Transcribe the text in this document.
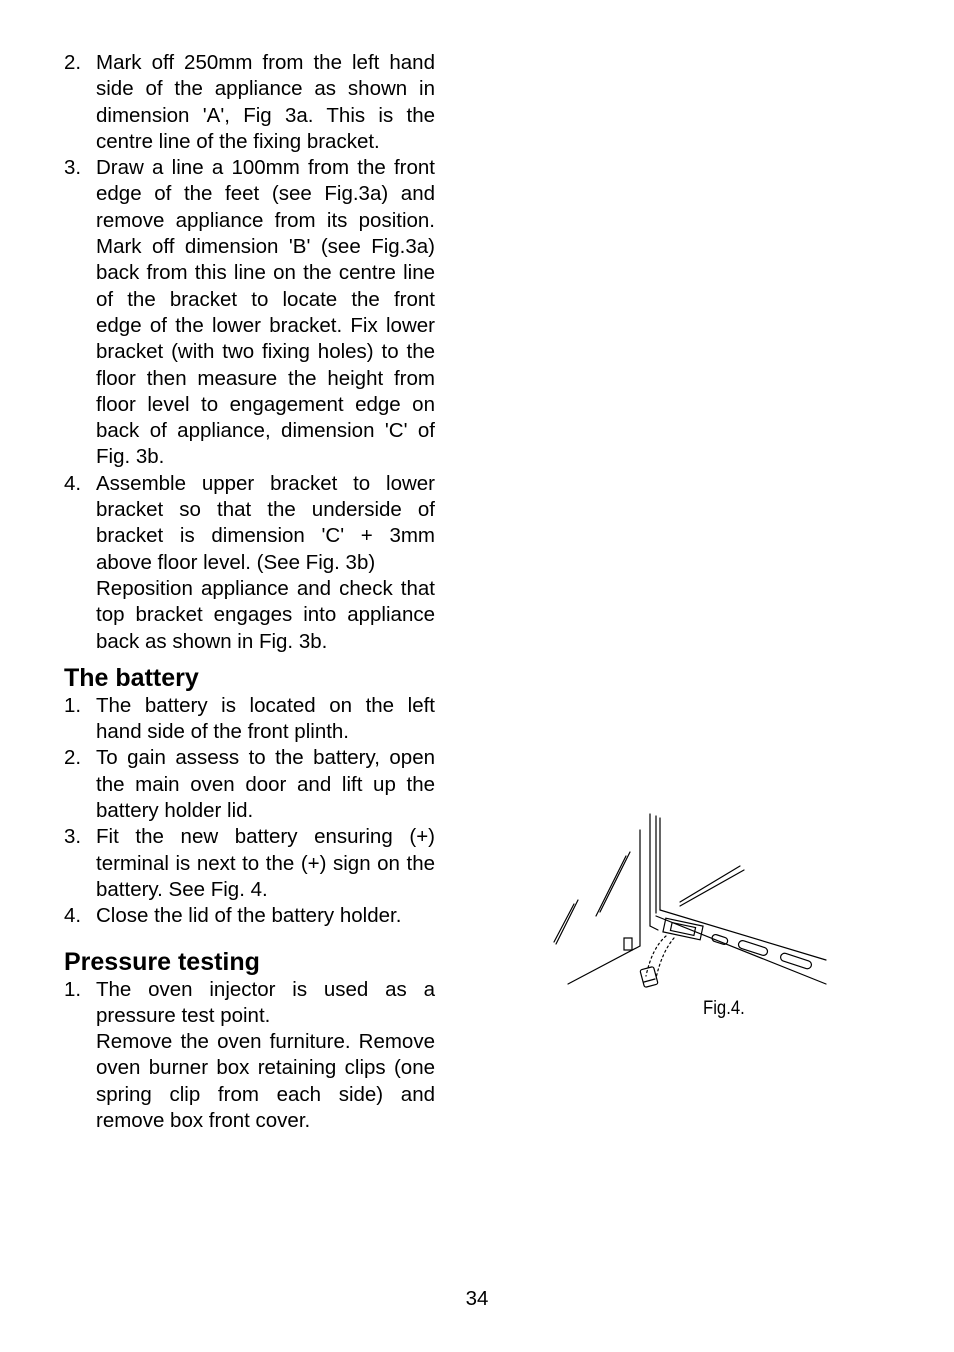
2. Mark off 250mm from the left hand side of the appliance as shown in dimension 'A', Fig 3a. This is the centre line of the fixing bracket.

3. Draw a line a 100mm from the front edge of the feet (see Fig.3a) and remove appliance from its position. Mark off dimension 'B' (see Fig.3a) back from this line on the centre line of the bracket to locate the front edge of the lower bracket. Fix lower bracket (with two fixing holes) to the floor then measure the height from floor level to engagement edge on back of appliance, dimension 'C' of Fig. 3b.

4. Assemble upper bracket to lower bracket so that the underside of bracket is dimension 'C' + 3mm above floor level. (See Fig. 3b)

Reposition appliance and check that top bracket engages into appliance back as shown in Fig. 3b.

The battery
1. The battery is located on the left hand side of the front plinth.

2. To gain assess to the battery, open the main oven door and lift up the battery holder lid.

3. Fit the new battery ensuring (+) terminal is next to the (+) sign on the battery. See Fig. 4.

4. Close the lid of the battery holder.

Pressure testing
1. The oven injector is used as a pressure test point.

Remove the oven furniture. Remove oven burner box retaining clips (one spring clip from each side) and remove box front cover.

Fig.4.
34
